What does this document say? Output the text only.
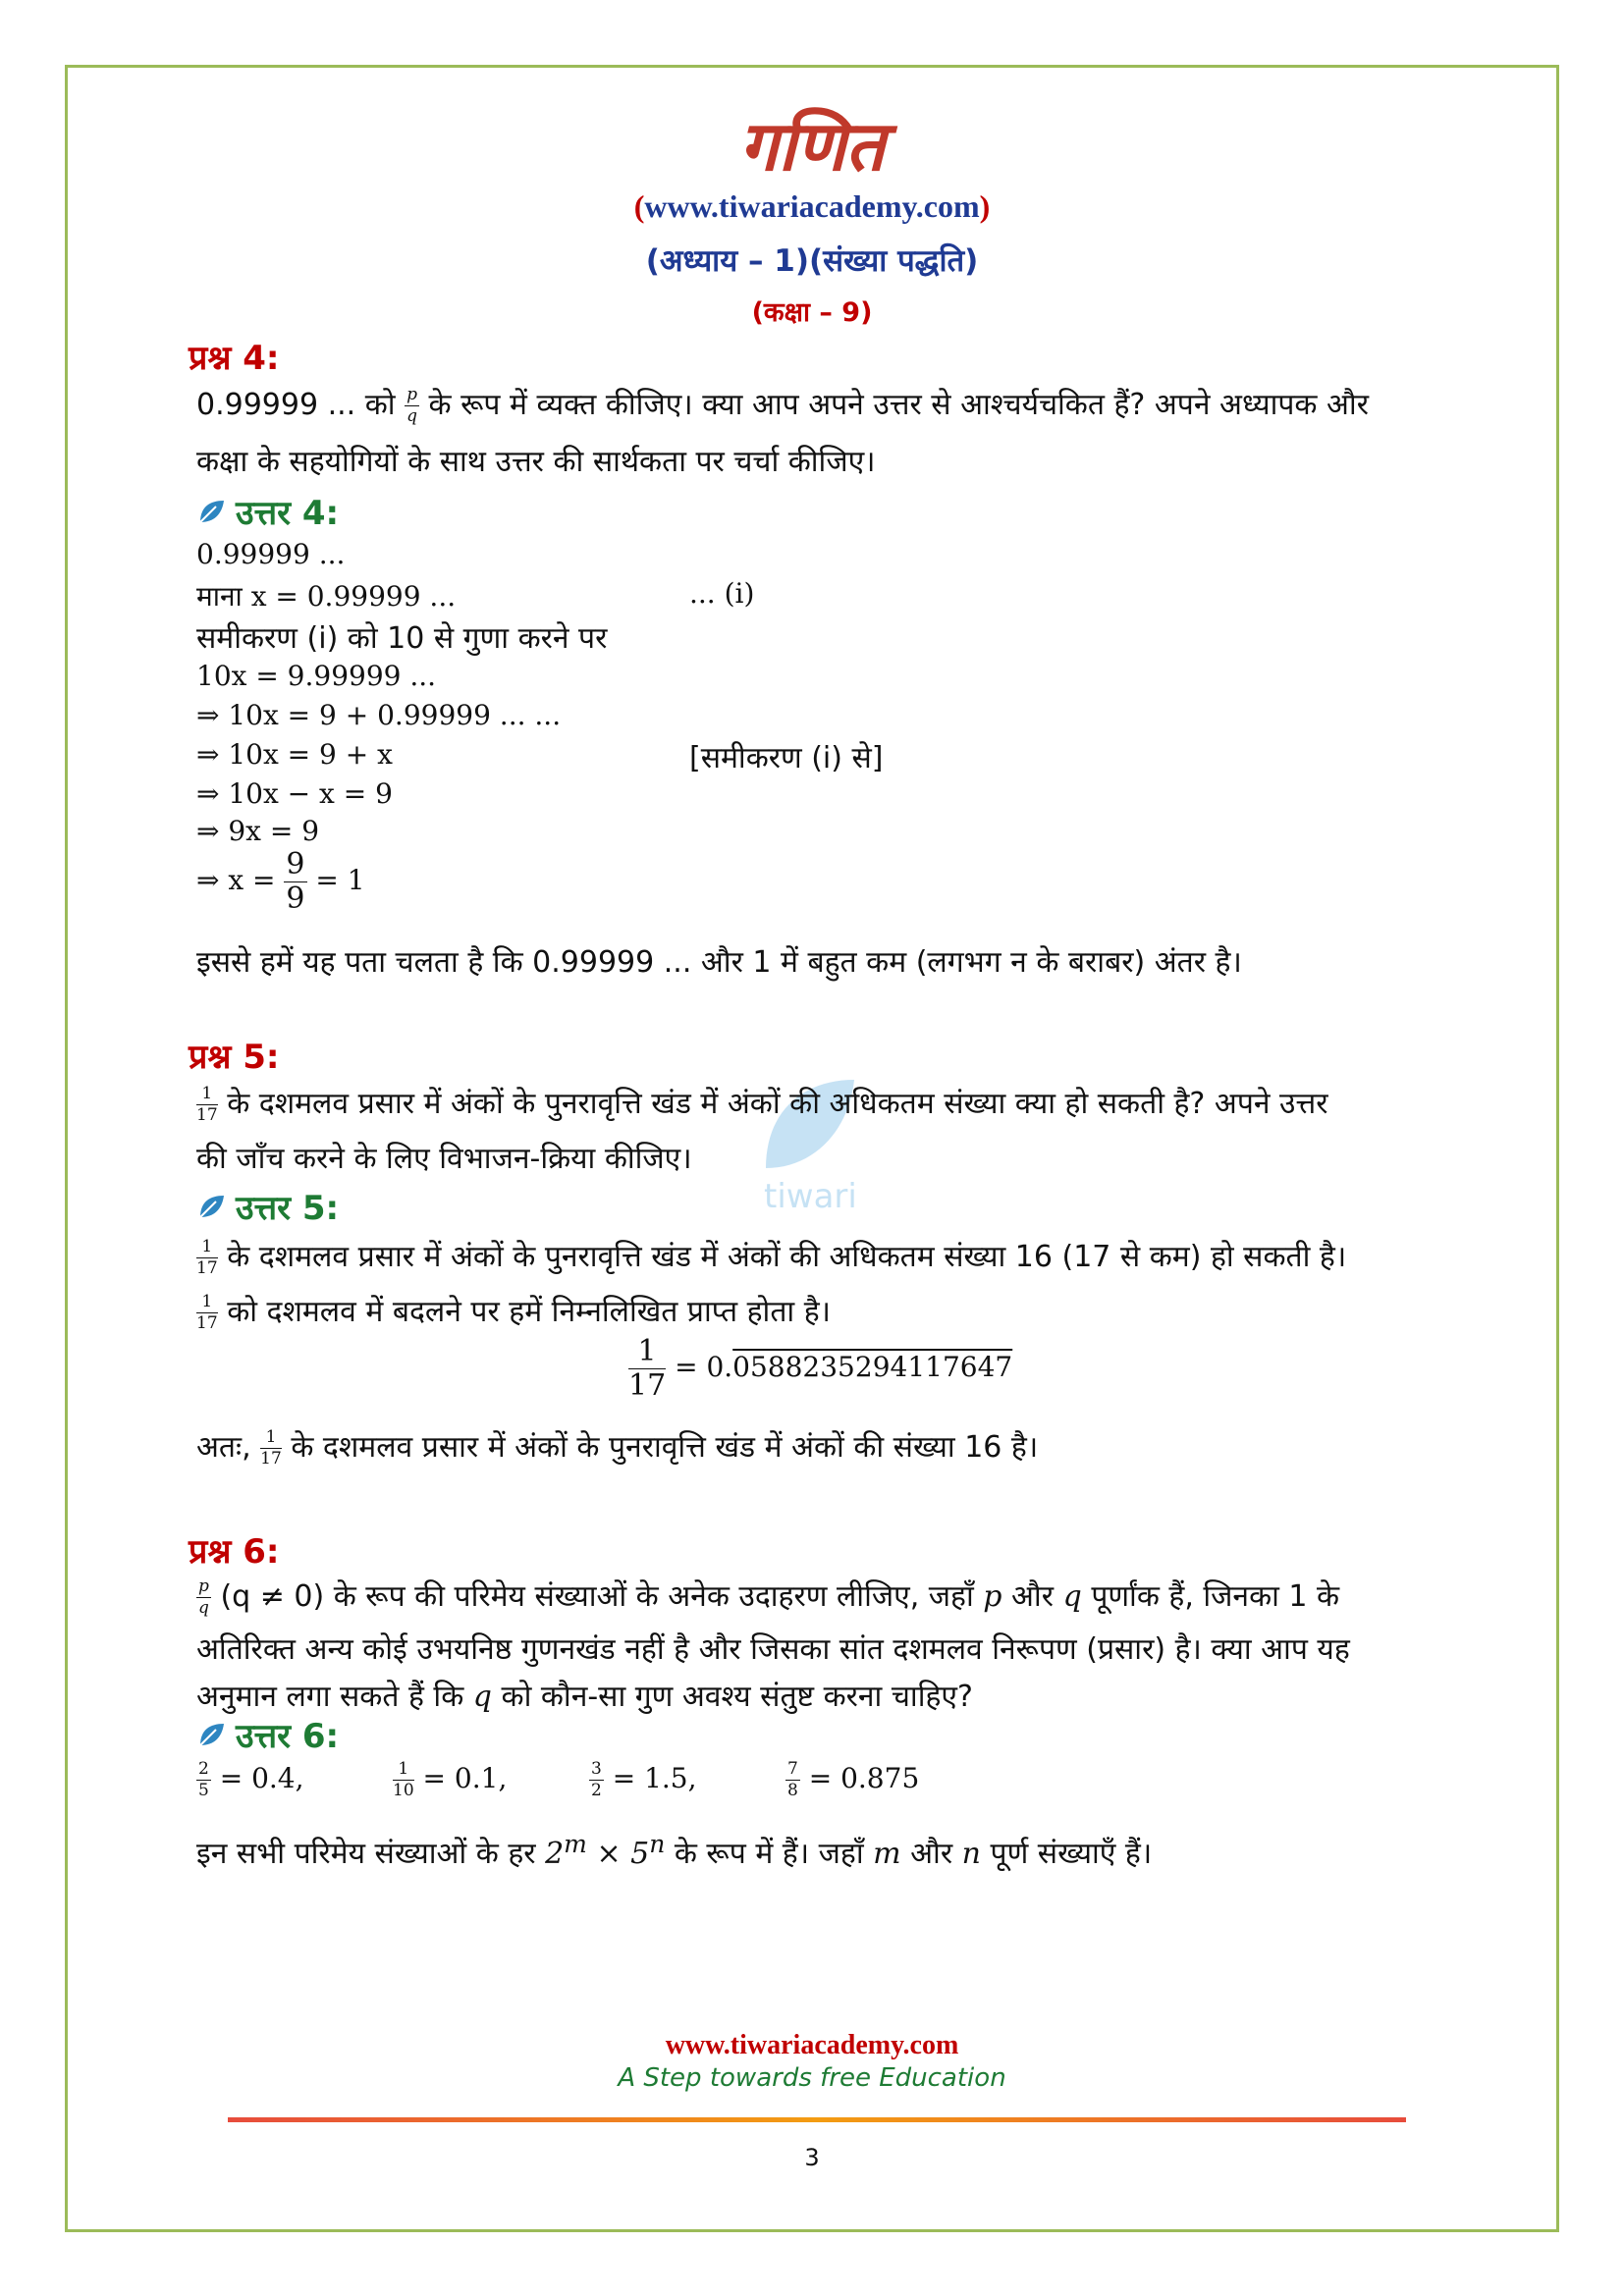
गणित
(www.tiwariacademy.com)
(अध्याय – 1)(संख्या पद्धति)
(कक्षा – 9)
प्रश्न 4:
0.99999 ... को $\frac{p}{q}$ के रूप में व्यक्त कीजिए। क्या आप अपने उत्तर से आश्चर्यचकित हैं? अपने अध्यापक और
कक्षा के सहयोगियों के साथ उत्तर की सार्थकता पर चर्चा कीजिए।
उत्तर 4:
0.99999 ...
माना x = 0.99999 ...	... (i)
समीकरण (i) को 10 से गुणा करने पर
10x = 9.99999 ...
⇒ 10x = 9 + 0.99999 ... ...
⇒ 10x = 9 + x	[समीकरण (i) से]
⇒ 10x − x = 9
⇒ 9x = 9
⇒ $x = \frac{9}{9} = 1$
इससे हमें यह पता चलता है कि 0.99999 ... और 1 में बहुत कम (लगभग न के बराबर) अंतर है।
tiwari
प्रश्न 5:
$\frac{1}{17}$ के दशमलव प्रसार में अंकों के पुनरावृत्ति खंड में अंकों की अधिकतम संख्या क्या हो सकती है? अपने उत्तर
की जाँच करने के लिए विभाजन-क्रिया कीजिए।
उत्तर 5:
$\frac{1}{17}$ के दशमलव प्रसार में अंकों के पुनरावृत्ति खंड में अंकों की अधिकतम संख्या 16 (17 से कम) हो सकती है।
$\frac{1}{17}$ को दशमलव में बदलने पर हमें निम्नलिखित प्राप्त होता है।
$\frac{1}{17} = 0.0588235294117647$
अतः, $\frac{1}{17}$ के दशमलव प्रसार में अंकों के पुनरावृत्ति खंड में अंकों की संख्या 16 है।
प्रश्न 6:
$\frac{p}{q} (q \ne 0)$ के रूप की परिमेय संख्याओं के अनेक उदाहरण लीजिए, जहाँ p और q पूर्णांक हैं, जिनका 1 के
अतिरिक्त अन्य कोई उभयनिष्ठ गुणनखंड नहीं है और जिसका सांत दशमलव निरूपण (प्रसार) है। क्या आप यह
अनुमान लगा सकते हैं कि q को कौन-सा गुण अवश्य संतुष्ट करना चाहिए?
उत्तर 6:
$\frac{2}{5} = 0.4$,	$\frac{1}{10} = 0.1$,	$\frac{3}{2} = 1.5$,	$\frac{7}{8} = 0.875$
इन सभी परिमेय संख्याओं के हर $2^m \times 5^n$ के रूप में हैं। जहाँ m और n पूर्ण संख्याएँ हैं।
www.tiwariacademy.com
A Step towards free Education
3
